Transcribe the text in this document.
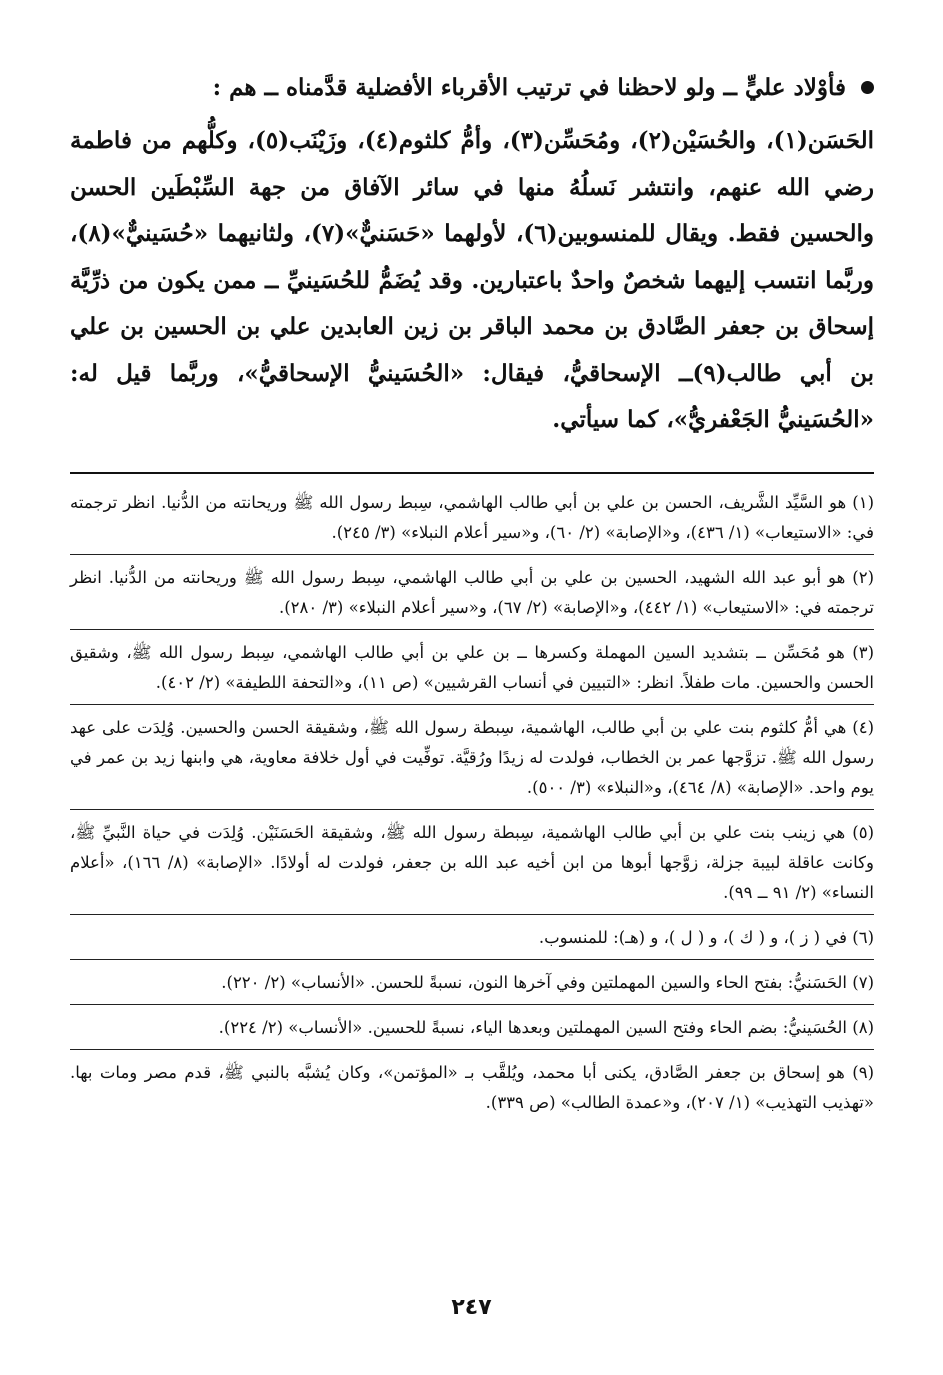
فأوْلاد عليٍّ ــ ولو لاحظنا في ترتيب الأقرباء الأفضلية قدَّمناه ــ هم :

الحَسَن(١)، والحُسَيْن(٢)، ومُحَسِّن(٣)، وأمُّ كلثوم(٤)، وزَيْنَب(٥)، وكلُّهم من فاطمة رضي الله عنهم، وانتشر نَسلُهُ منها في سائر الآفاق من جهة السِّبْطَين الحسن والحسين فقط. ويقال للمنسوبين(٦)، لأولهما «حَسَنيٌّ»(٧)، ولثانيهما «حُسَينيٌّ»(٨)، وربَّما انتسب إليهما شخصٌ واحدٌ باعتبارين. وقد يُضَمُّ للحُسَينيِّ ــ ممن يكون من ذرِّيَّة إسحاق بن جعفر الصَّادق بن محمد الباقر بن زين العابدين علي بن الحسين بن علي بن أبي طالب(٩)ــ الإسحاقيُّ، فيقال: «الحُسَينيُّ الإسحاقيُّ»، وربَّما قيل له: «الحُسَينيُّ الجَعْفريُّ»، كما سيأتي.

(١) هو السَّيِّد الشَّريف، الحسن بن علي بن أبي طالب الهاشمي، سِبط رسول الله ﷺ وريحانته من الدُّنيا. انظر ترجمته في: «الاستيعاب» (١/ ٤٣٦)، و«الإصابة» (٢/ ٦٠)، و«سير أعلام النبلاء» (٣/ ٢٤٥).

(٢) هو أبو عبد الله الشهيد، الحسين بن علي بن أبي طالب الهاشمي، سِبط رسول الله ﷺ وريحانته من الدُّنيا. انظر ترجمته في: «الاستيعاب» (١/ ٤٤٢)، و«الإصابة» (٢/ ٦٧)، و«سير أعلام النبلاء» (٣/ ٢٨٠).

(٣) هو مُحَسِّن ــ بتشديد السين المهملة وكسرها ــ بن علي بن أبي طالب الهاشمي، سِبط رسول الله ﷺ، وشقيق الحسن والحسين. مات طفلاً. انظر: «التبيين في أنساب القرشيين» (ص ١١)، و«التحفة اللطيفة» (٢/ ٤٠٢).

(٤) هي أمُّ كلثوم بنت علي بن أبي طالب، الهاشمية، سِبطة رسول الله ﷺ، وشقيقة الحسن والحسين. وُلِدَت على عهد رسول الله ﷺ. تزوَّجها عمر بن الخطاب، فولدت له زيدًا ورُقيَّة. توفِّيت في أول خلافة معاوية، هي وابنها زيد بن عمر في يوم واحد. «الإصابة» (٨/ ٤٦٤)، و«النبلاء» (٣/ ٥٠٠).

(٥) هي زينب بنت علي بن أبي طالب الهاشمية، سِبطة رسول الله ﷺ، وشقيقة الحَسَنَيْن. وُلِدَت في حياة النَّبيِّ ﷺ، وكانت عاقلة لبيبة جزلة، زوَّجها أبوها من ابن أخيه عبد الله بن جعفر، فولدت له أولادًا. «الإصابة» (٨/ ١٦٦)، «أعلام النساء» (٢/ ٩١ ــ ٩٩).

(٦) في ( ز )، و ( ك )، و ( ل )، و (هـ): للمنسوب.

(٧) الحَسَنيُّ: بفتح الحاء والسين المهملتين وفي آخرها النون، نسبةً للحسن. «الأنساب» (٢/ ٢٢٠).

(٨) الحُسَينيُّ: بضم الحاء وفتح السين المهملتين وبعدها الياء، نسبةً للحسين. «الأنساب» (٢/ ٢٢٤).

(٩) هو إسحاق بن جعفر الصَّادق، يكنى أبا محمد، ويُلقَّب بـ «المؤتمن»، وكان يُشبَّه بالنبي ﷺ، قدم مصر ومات بها. «تهذيب التهذيب» (١/ ٢٠٧)، و«عمدة الطالب» (ص ٣٣٩).

٢٤٧
